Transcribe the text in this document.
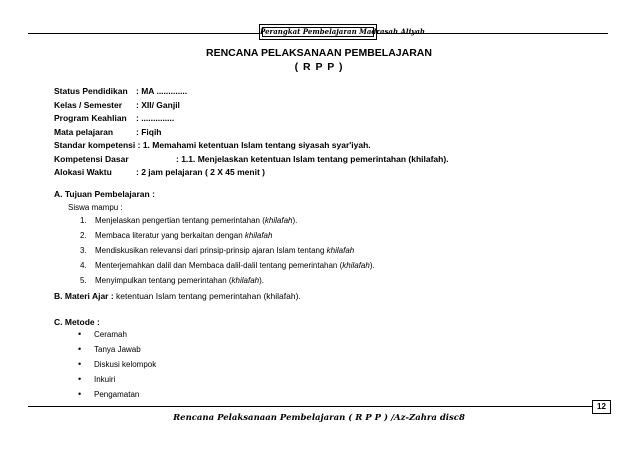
Perangkat Pembelajaran Madrasah Aliyah
RENCANA PELAKSANAAN PEMBELAJARAN
( R P P )
Status Pendidikan : MA .............
Kelas / Semester : XII/ Ganjil
Program Keahlian : ..............
Mata pelajaran	: Fiqih
Standar kompetensi : 1. Memahami ketentuan Islam tentang siyasah syar'iyah.
Kompetensi Dasar	: 1.1. Menjelaskan ketentuan Islam tentang pemerintahan (khilafah).
Alokasi Waktu	: 2 jam pelajaran ( 2 X 45 menit )
A. Tujuan Pembelajaran :
Siswa mampu :
1. Menjelaskan pengertian tentang pemerintahan (khilafah).
2. Membaca literatur yang berkaitan dengan khilafah
3. Mendiskusikan relevansi dari prinsip-prinsip ajaran Islam tentang khilafah
4. Menterjemahkan dalil dan Membaca dalil-dalil tentang pemerintahan (khilafah).
5. Menyimpulkan tentang pemerintahan (khilafah).
B. Materi Ajar : ketentuan Islam tentang pemerintahan (khilafah).
C. Metode :
• Ceramah
• Tanya Jawab
• Diskusi kelompok
• Inkuiri
• Pengamatan
12
Rencana Pelaksanaan Pembelajaran ( R P P ) /Az-Zahra disc8
